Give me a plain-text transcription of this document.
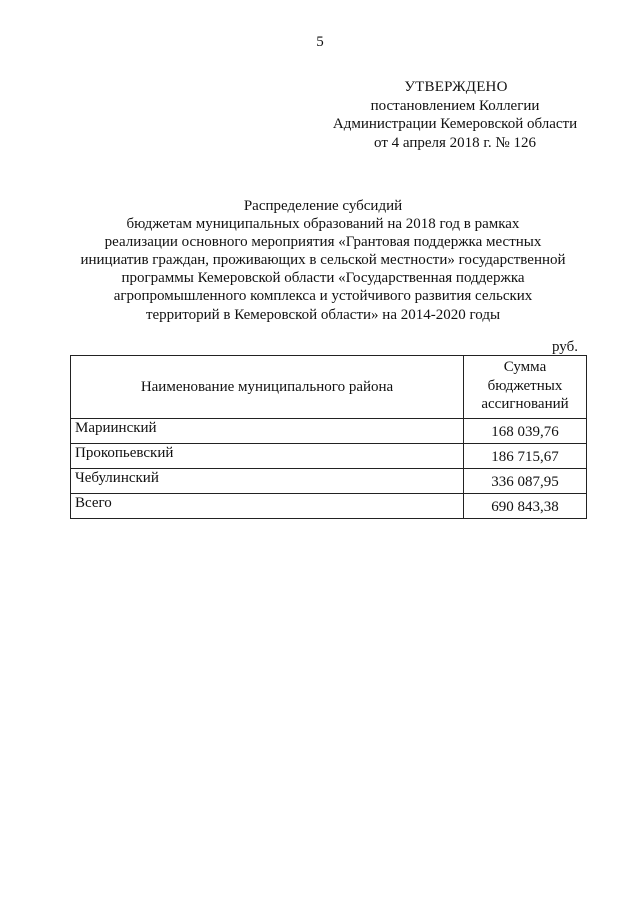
5
УТВЕРЖДЕНО
постановлением Коллегии
Администрации Кемеровской области
от 4 апреля 2018 г. № 126
Распределение субсидий
бюджетам муниципальных образований на 2018 год в рамках
реализации основного мероприятия «Грантовая поддержка местных
инициатив граждан, проживающих в сельской местности» государственной
программы Кемеровской области «Государственная поддержка
агропромышленного комплекса и устойчивого развития сельских
территорий в Кемеровской области» на 2014-2020 годы
руб.
Наименование муниципального района	Сумма
бюджетных
ассигнований

Мариинский	168 039,76
Прокопьевский	186 715,67
Чебулинский	336 087,95
Всего	690 843,38
